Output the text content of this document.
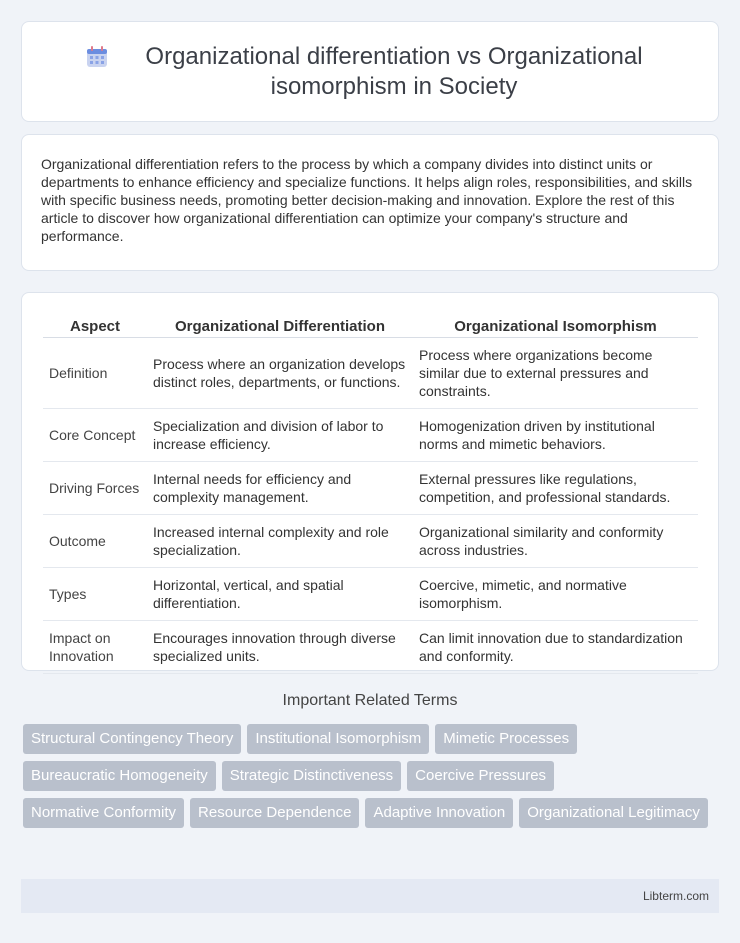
Organizational differentiation vs Organizational isomorphism in Society

Organizational differentiation refers to the process by which a company divides into distinct units or departments to enhance efficiency and specialize functions. It helps align roles, responsibilities, and skills with specific business needs, promoting better decision-making and innovation. Explore the rest of this article to discover how organizational differentiation can optimize your company's structure and performance.

Aspect	Organizational Differentiation	Organizational Isomorphism
Definition	Process where an organization develops distinct roles, departments, or functions.	Process where organizations become similar due to external pressures and constraints.
Core Concept	Specialization and division of labor to increase efficiency.	Homogenization driven by institutional norms and mimetic behaviors.
Driving Forces	Internal needs for efficiency and complexity management.	External pressures like regulations, competition, and professional standards.
Outcome	Increased internal complexity and role specialization.	Organizational similarity and conformity across industries.
Types	Horizontal, vertical, and spatial differentiation.	Coercive, mimetic, and normative isomorphism.
Impact on Innovation	Encourages innovation through diverse specialized units.	Can limit innovation due to standardization and conformity.
Important Related Terms
Structural Contingency Theory	Institutional Isomorphism	Mimetic Processes
Bureaucratic Homogeneity	Strategic Distinctiveness	Coercive Pressures
Normative Conformity	Resource Dependence	Adaptive Innovation	Organizational Legitimacy
Libterm.com
